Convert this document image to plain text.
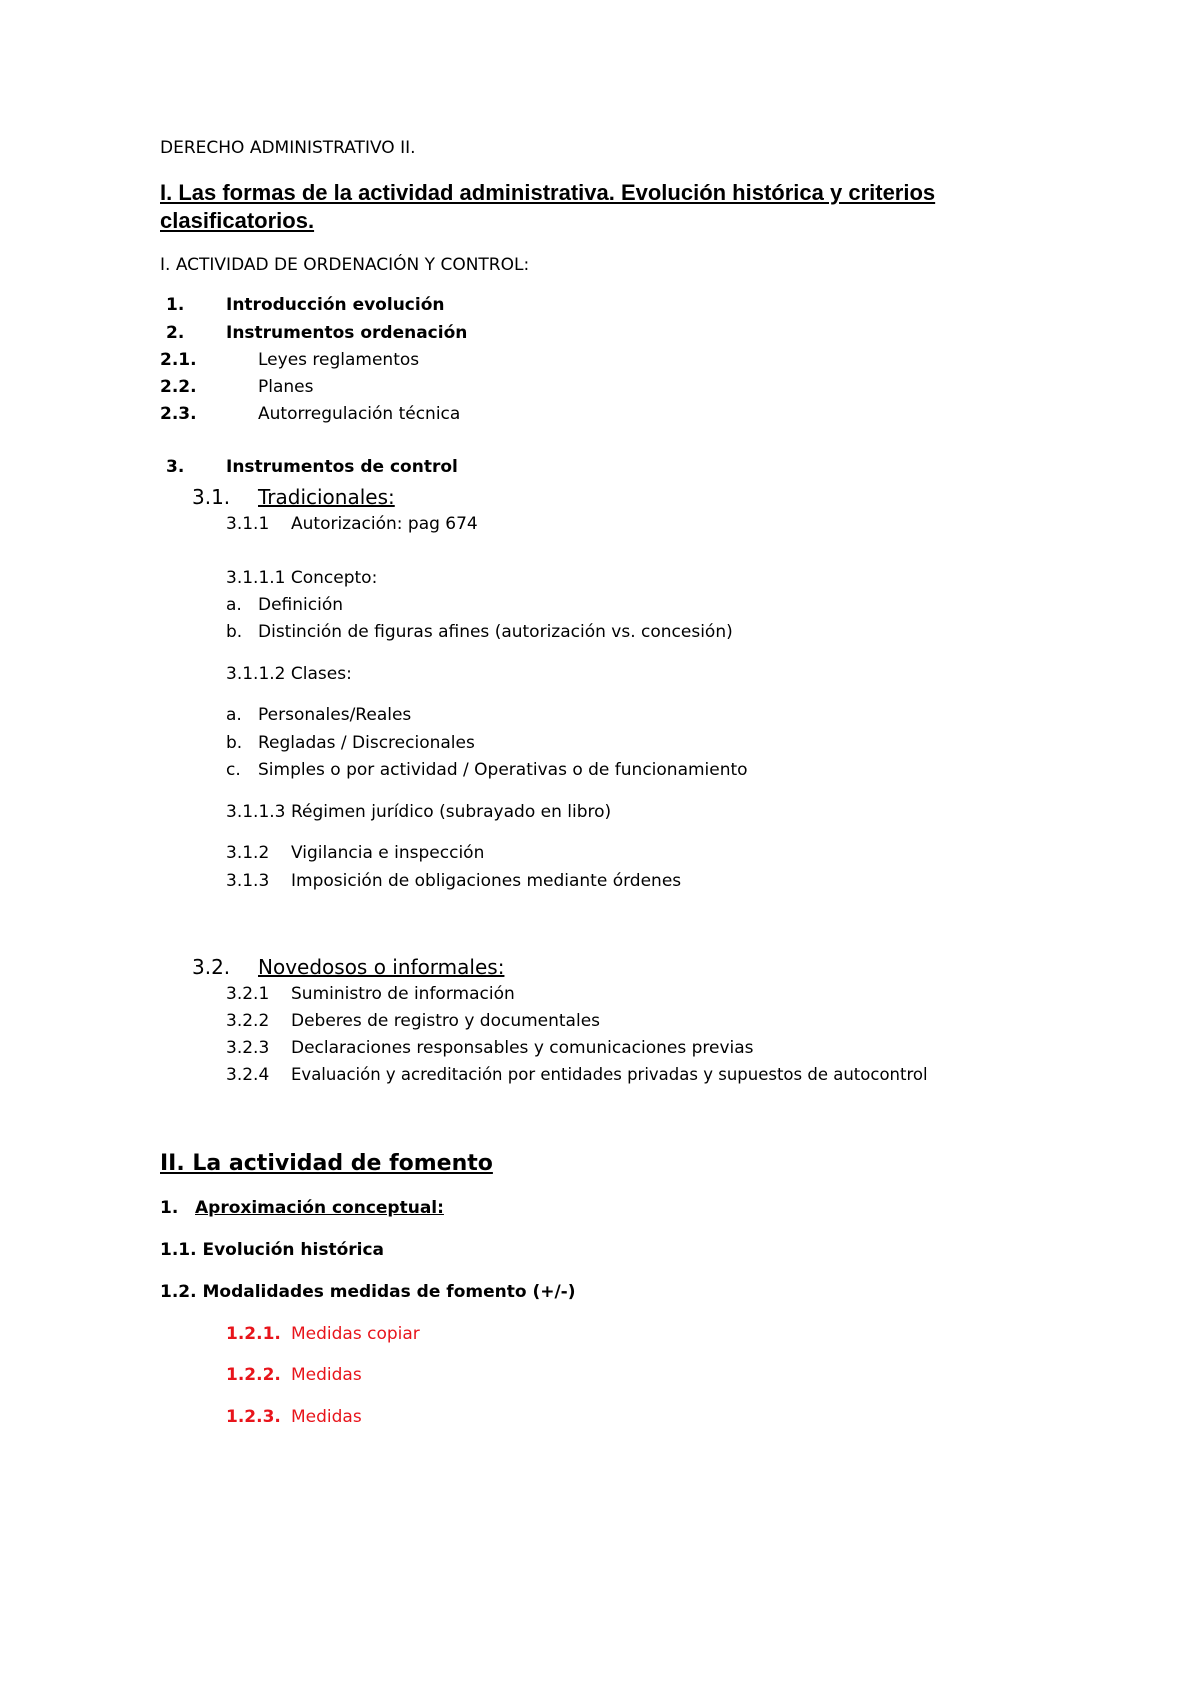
DERECHO ADMINISTRATIVO II.
I. Las formas de la actividad administrativa. Evolución histórica y criterios
clasificatorios.
I. ACTIVIDAD DE ORDENACIÓN Y CONTROL:
1. Introducción evolución
2. Instrumentos ordenación
2.1.	Leyes reglamentos
2.2.	Planes
2.3.	Autorregulación técnica
3. Instrumentos de control
3.1. Tradicionales:
3.1.1 Autorización: pag 674
3.1.1.1 Concepto:
a. Definición
b. Distinción de figuras afines (autorización vs. concesión)
3.1.1.2 Clases:
a. Personales/Reales
b. Regladas / Discrecionales
c. Simples o por actividad / Operativas o de funcionamiento
3.1.1.3 Régimen jurídico (subrayado en libro)
3.1.2 Vigilancia e inspección
3.1.3 Imposición de obligaciones mediante órdenes
3.2. Novedosos o informales:
3.2.1 Suministro de información
3.2.2 Deberes de registro y documentales
3.2.3 Declaraciones responsables y comunicaciones previas
3.2.4 Evaluación y acreditación por entidades privadas y supuestos de autocontrol
II. La actividad de fomento
1. Aproximación conceptual:
1.1. Evolución histórica
1.2. Modalidades medidas de fomento (+/-)
1.2.1. Medidas copiar
1.2.2. Medidas
1.2.3. Medidas
